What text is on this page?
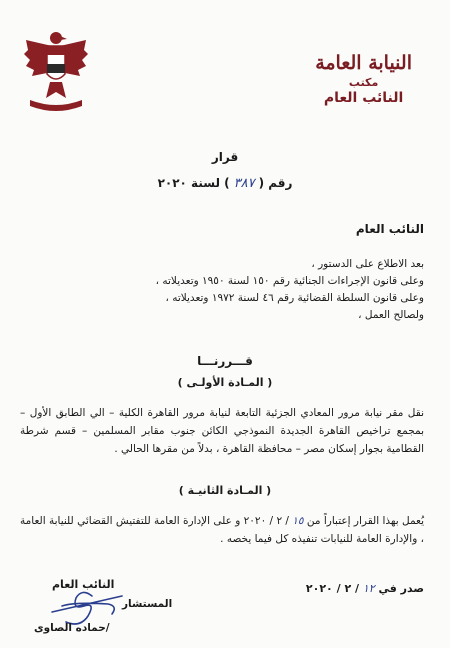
النيابة العامة
مكتب
النائب العام
قرار
رقم (٣٨٧) لسنة ٢٠٢٠
النائب العام

بعد الاطلاع على الدستور ،

وعلى قانون الإجراءات الجنائية رقم ١٥٠ لسنة ١٩٥٠ وتعديلاته ،

وعلى قانون السلطة القضائية رقم ٤٦ لسنة ١٩٧٢ وتعديلاته ،

ولصالح العمل ،

قـــررنـــا
( المـادة الأولـى )

نقل مقر نيابة مرور المعادي الجزئية التابعة لنيابة مرور القاهرة الكلية – الي الطابق الأول – بمجمع تراخيص القاهرة الجديدة النموذجي الكائن جنوب مقابر المسلمين – قسم شرطة القطامية بجوار إسكان مصر – محافظة القاهرة ، بدلاً من مقرها الحالي .

( المـادة الثانيـة )

يُعمل بهذا القرار إعتباراً من ١٥ / ٢ / ٢٠٢٠ و على الإدارة العامة للتفتيش القضائي للنيابة العامة ، والإدارة العامة للنيابات تنفيذه كل فيما يخصه .

صدر في ١٢ / ٢ / ٢٠٢٠
النائب العام
المستشار
/حماده الصاوى
